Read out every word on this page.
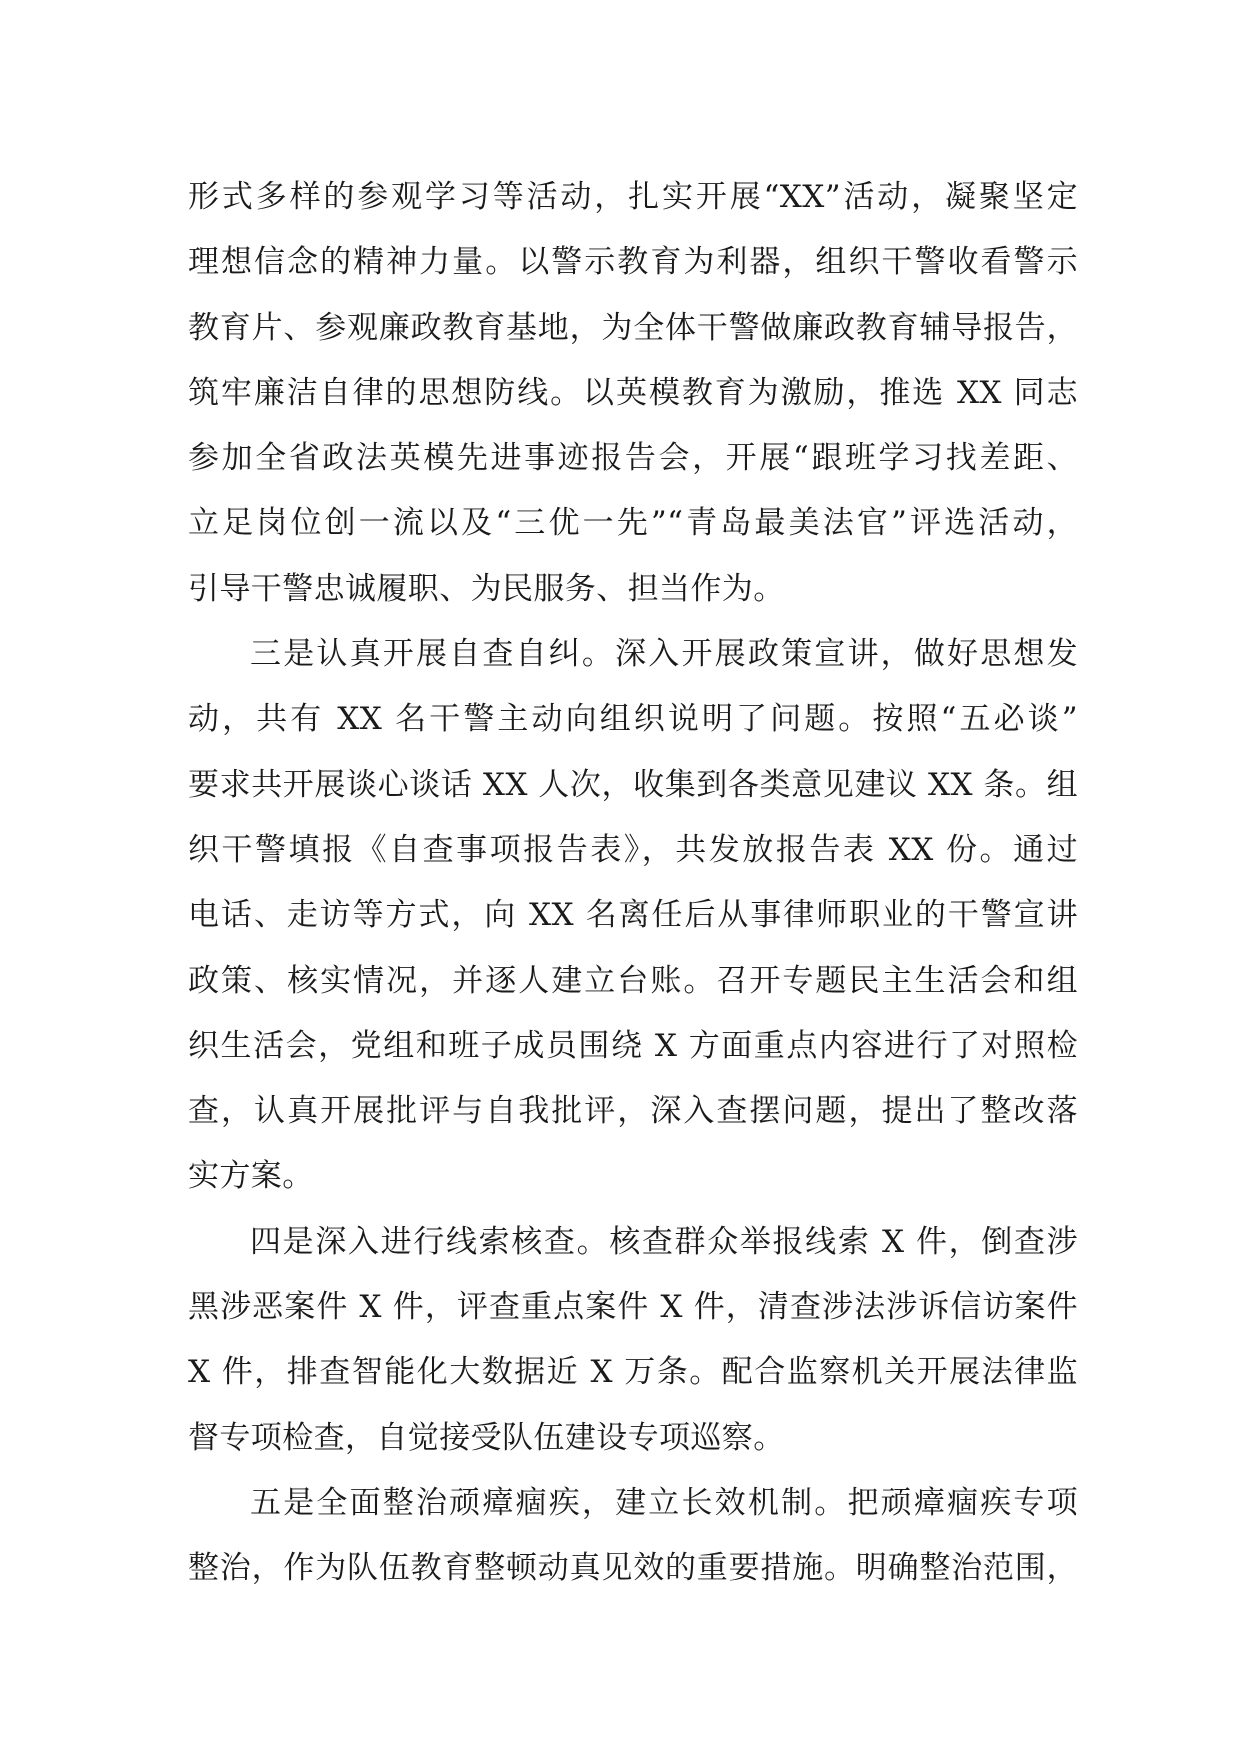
形式多样的参观学习等活动，扎实开展“XX”活动，凝聚坚定
理想信念的精神力量。以警示教育为利器，组织干警收看警示
教育片、参观廉政教育基地，为全体干警做廉政教育辅导报告，
筑牢廉洁自律的思想防线。以英模教育为激励，推选 XX 同志
参加全省政法英模先进事迹报告会，开展“跟班学习找差距、
立足岗位创一流以及“三优一先”“青岛最美法官”评选活动，
引导干警忠诚履职、为民服务、担当作为。
三是认真开展自查自纠。深入开展政策宣讲，做好思想发
动，共有 XX 名干警主动向组织说明了问题。按照“五必谈”
要求共开展谈心谈话 XX 人次，收集到各类意见建议 XX 条。组
织干警填报《自查事项报告表》，共发放报告表 XX 份。通过
电话、走访等方式，向 XX 名离任后从事律师职业的干警宣讲
政策、核实情况，并逐人建立台账。召开专题民主生活会和组
织生活会，党组和班子成员围绕 X 方面重点内容进行了对照检
查，认真开展批评与自我批评，深入查摆问题，提出了整改落
实方案。
四是深入进行线索核查。核查群众举报线索 X 件，倒查涉
黑涉恶案件 X 件，评查重点案件 X 件，清查涉法涉诉信访案件
X 件，排查智能化大数据近 X 万条。配合监察机关开展法律监
督专项检查，自觉接受队伍建设专项巡察。
五是全面整治顽瘴痼疾，建立长效机制。把顽瘴痼疾专项
整治，作为队伍教育整顿动真见效的重要措施。明确整治范围，
